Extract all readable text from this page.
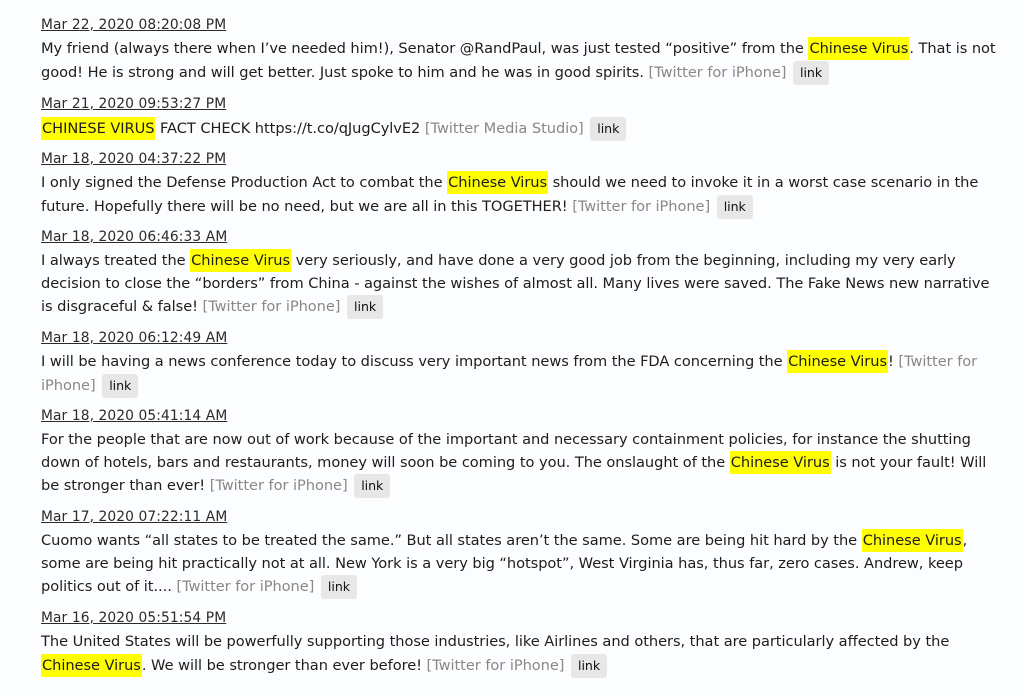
Mar 22, 2020 08:20:08 PM
My friend (always there when I’ve needed him!), Senator @RandPaul, was just tested “positive” from the Chinese Virus. That is not good! He is strong and will get better. Just spoke to him and he was in good spirits. [Twitter for iPhone] link
Mar 21, 2020 09:53:27 PM
CHINESE VIRUS FACT CHECK https://t.co/qJugCylvE2 [Twitter Media Studio] link
Mar 18, 2020 04:37:22 PM
I only signed the Defense Production Act to combat the Chinese Virus should we need to invoke it in a worst case scenario in the future. Hopefully there will be no need, but we are all in this TOGETHER! [Twitter for iPhone] link
Mar 18, 2020 06:46:33 AM
I always treated the Chinese Virus very seriously, and have done a very good job from the beginning, including my very early decision to close the “borders” from China - against the wishes of almost all. Many lives were saved. The Fake News new narrative is disgraceful & false! [Twitter for iPhone] link
Mar 18, 2020 06:12:49 AM
I will be having a news conference today to discuss very important news from the FDA concerning the Chinese Virus! [Twitter for iPhone] link
Mar 18, 2020 05:41:14 AM
For the people that are now out of work because of the important and necessary containment policies, for instance the shutting down of hotels, bars and restaurants, money will soon be coming to you. The onslaught of the Chinese Virus is not your fault! Will be stronger than ever! [Twitter for iPhone] link
Mar 17, 2020 07:22:11 AM
Cuomo wants “all states to be treated the same.” But all states aren’t the same. Some are being hit hard by the Chinese Virus, some are being hit practically not at all. New York is a very big “hotspot”, West Virginia has, thus far, zero cases. Andrew, keep politics out of it.... [Twitter for iPhone] link
Mar 16, 2020 05:51:54 PM
The United States will be powerfully supporting those industries, like Airlines and others, that are particularly affected by the Chinese Virus. We will be stronger than ever before! [Twitter for iPhone] link
